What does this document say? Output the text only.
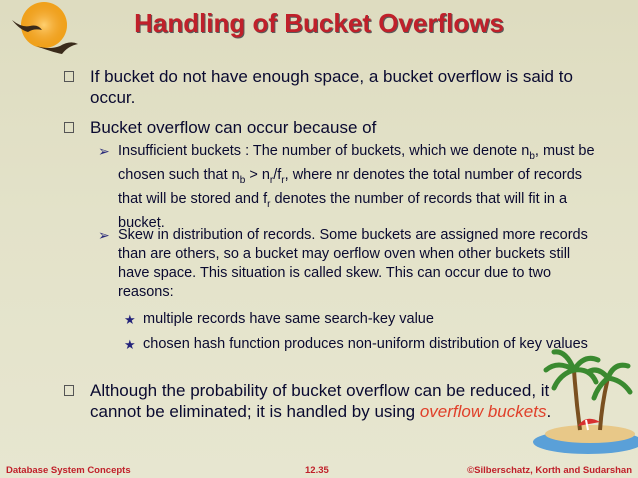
Handling of Bucket Overflows
If bucket do not have enough space, a bucket overflow is said to occur.
Bucket overflow can occur because of
➢ Insufficient buckets : The number of buckets, which we denote $n_b$, must be chosen such that $n_b > n_r/f_r$, where nr denotes the total number of records that will be stored and $f_r$ denotes the number of records that will fit in a bucket.
➢ Skew in distribution of records. Some buckets are assigned more records than are others, so a bucket may oerflow oven when other buckets still have space. This situation is called skew. This can occur due to two reasons:
★ multiple records have same search-key value
★ chosen hash function produces non-uniform distribution of key values
Although the probability of bucket overflow can be reduced, it cannot be eliminated; it is handled by using overflow buckets.
Database System Concepts	12.35	©Silberschatz, Korth and Sudarshan
